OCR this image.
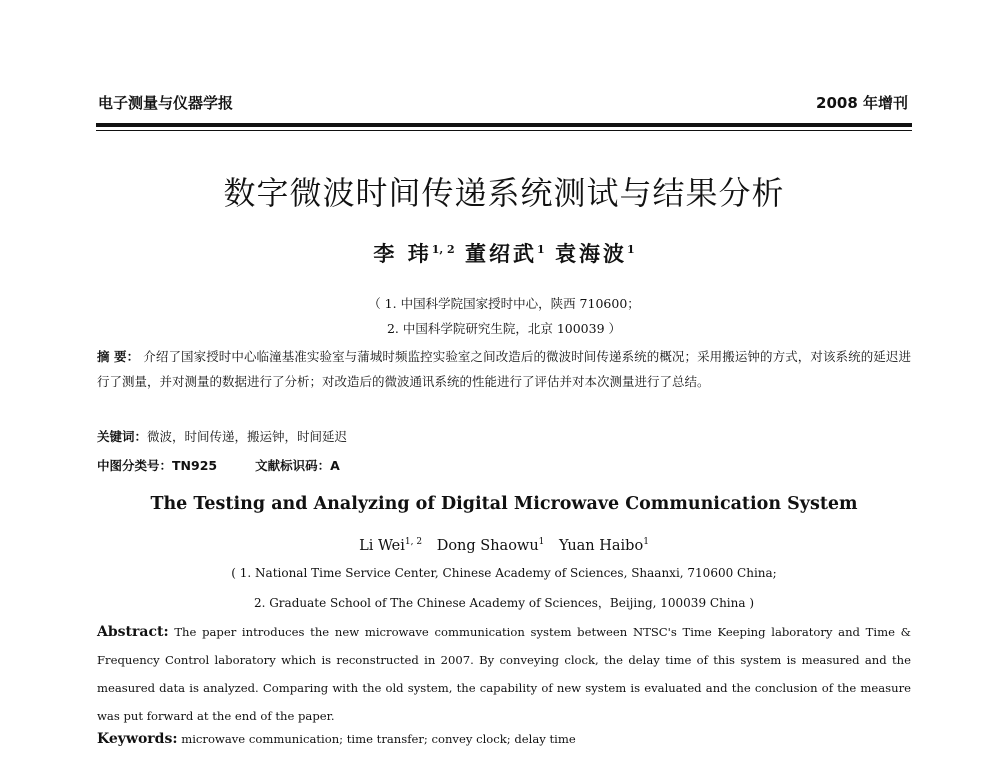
电子测量与仪器学报	2008 年增刊
数字微波时间传递系统测试与结果分析
李 玮$^{1, 2}$ 董绍武$^1$ 袁海波$^1$
（ 1. 中国科学院国家授时中心，陕西 710600；
2. 中国科学院研究生院，北京 100039 ）
摘 要： 介绍了国家授时中心临潼基准实验室与蒲城时频监控实验室之间改造后的微波时间传递系统的概况；采用搬运钟的方式，对该系统的延迟进行了测量，并对测量的数据进行了分析；对改造后的微波通讯系统的性能进行了评估并对本次测量进行了总结。
关键词：微波，时间传递，搬运钟，时间延迟
中图分类号：TN925	文献标识码：A
The Testing and Analyzing of Digital Microwave Communication System
Li Wei$^{1, 2}$ Dong Shaowu$^1$ Yuan Haibo$^1$
( 1. National Time Service Center, Chinese Academy of Sciences, Shaanxi, 710600 China;
2. Graduate School of The Chinese Academy of Sciences，Beijing, 100039 China )
Abstract: The paper introduces the new microwave communication system between NTSC's Time Keeping laboratory and Time & Frequency Control laboratory which is reconstructed in 2007. By conveying clock, the delay time of this system is measured and the measured data is analyzed. Comparing with the old system, the capability of new system is evaluated and the conclusion of the measure was put forward at the end of the paper.
Keywords: microwave communication; time transfer; convey clock; delay time
